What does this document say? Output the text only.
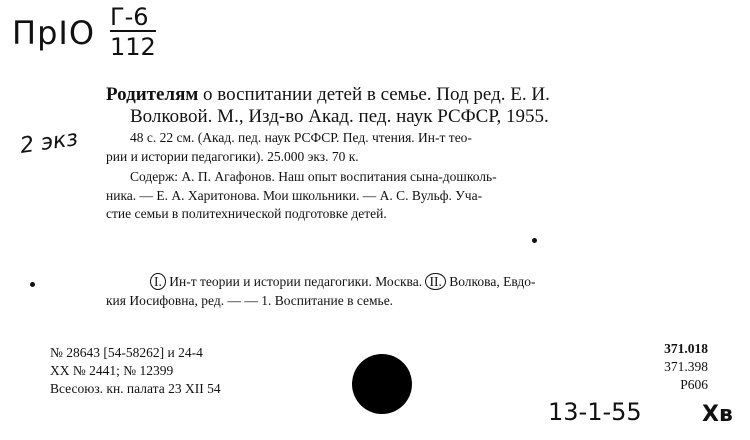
ПрІО Г-6
112
2 экз
Родителям о воспитании детей в семье. Под ред. Е. И.
Волковой. М., Изд-во Акад. пед. наук РСФСР, 1955.
48 с. 22 см. (Акад. пед. наук РСФСР. Пед. чтения. Ин-т тео-
рии и истории педагогики). 25.000 экз. 70 к.
Содерж: А. П. Агафонов. Наш опыт воспитания сына-дошколь-
ника. — Е. А. Харитонова. Мои школьники. — А. С. Вульф. Уча-
стие семьи в политехнической подготовке детей.
I. Ин-т теории и истории педагогики. Москва. II. Волкова, Евдо-
кия Иосифовна, ред. — — 1. Воспитание в семье.
№ 28643 [54-58262] и 24-4
XX № 2441; № 12399
Всесоюз. кн. палата 23 XII 54
371.018
371.398
Р606
13-1-55	Хв
